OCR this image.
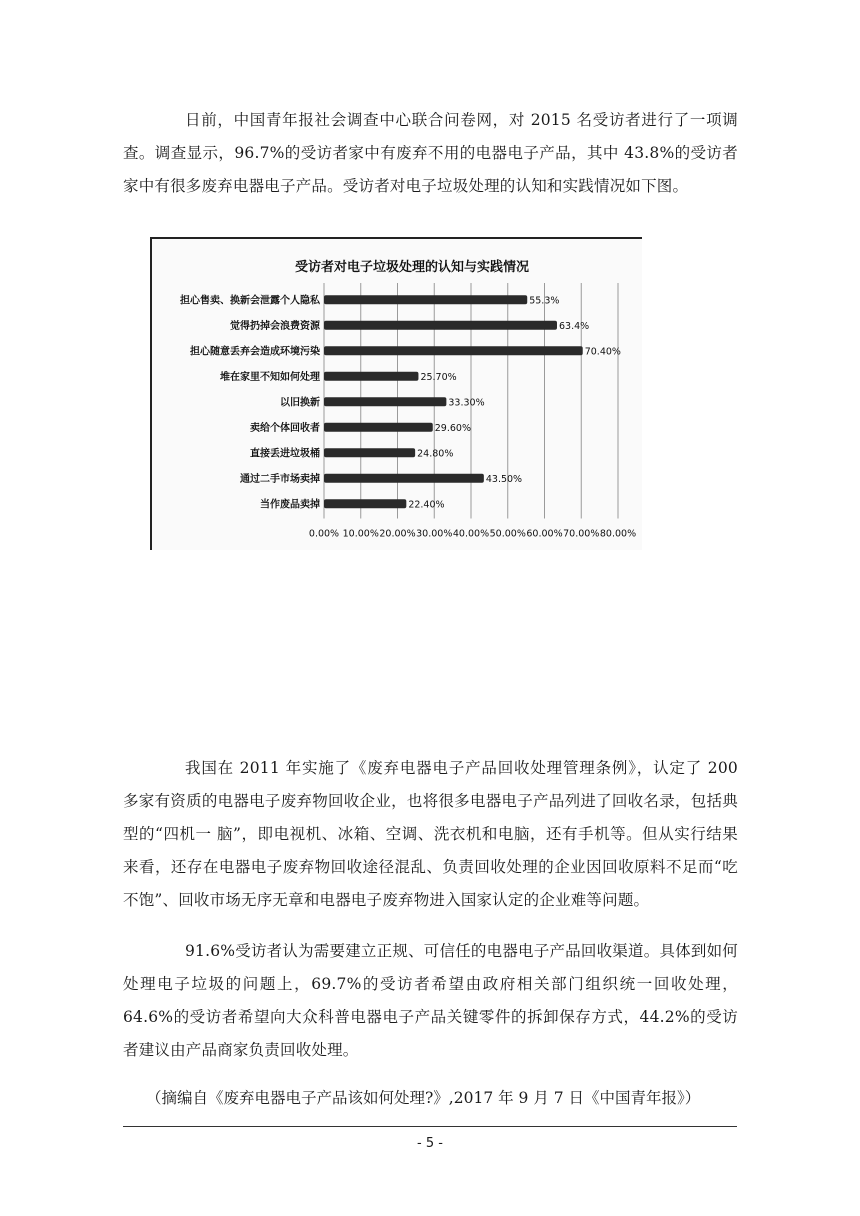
日前，中国青年报社会调查中心联合问卷网，对 2015 名受访者进行了一项调查。调查显示，96.7%的受访者家中有废弃不用的电器电子产品，其中 43.8%的受访者家中有很多废弃电器电子产品。受访者对电子垃圾处理的认知和实践情况如下图。

受访者对电子垃圾处理的认知与实践情况
担心售卖、换新会泄露个人隐私	55.3%
觉得扔掉会浪费资源	63.4%
担心随意丢弃会造成环境污染	70.40%
堆在家里不知如何处理	25.70%
以旧换新	33.30%
卖给个体回收者	29.60%
直接丢进垃圾桶	24.80%
通过二手市场卖掉	43.50%
当作废品卖掉	22.40%
0.00% 10.00% 20.00% 30.00% 40.00% 50.00% 60.00% 70.00% 80.00%

我国在 2011 年实施了《废弃电器电子产品回收处理管理条例》，认定了 200 多家有资质的电器电子废弃物回收企业，也将很多电器电子产品列进了回收名录，包括典型的“四机一 脑”，即电视机、冰箱、空调、洗衣机和电脑，还有手机等。但从实行结果来看，还存在电器电子废弃物回收途径混乱、负责回收处理的企业因回收原料不足而“吃不饱”、回收市场无序无章和电器电子废弃物进入国家认定的企业难等问题。

91.6%受访者认为需要建立正规、可信任的电器电子产品回收渠道。具体到如何处理电子垃圾的问题上，69.7%的受访者希望由政府相关部门组织统一回收处理，64.6%的受访者希望向大众科普电器电子产品关键零件的拆卸保存方式，44.2%的受访者建议由产品商家负责回收处理。

（摘编自《废弃电器电子产品该如何处理?》,2017 年 9 月 7 日《中国青年报》）
- 5 -
